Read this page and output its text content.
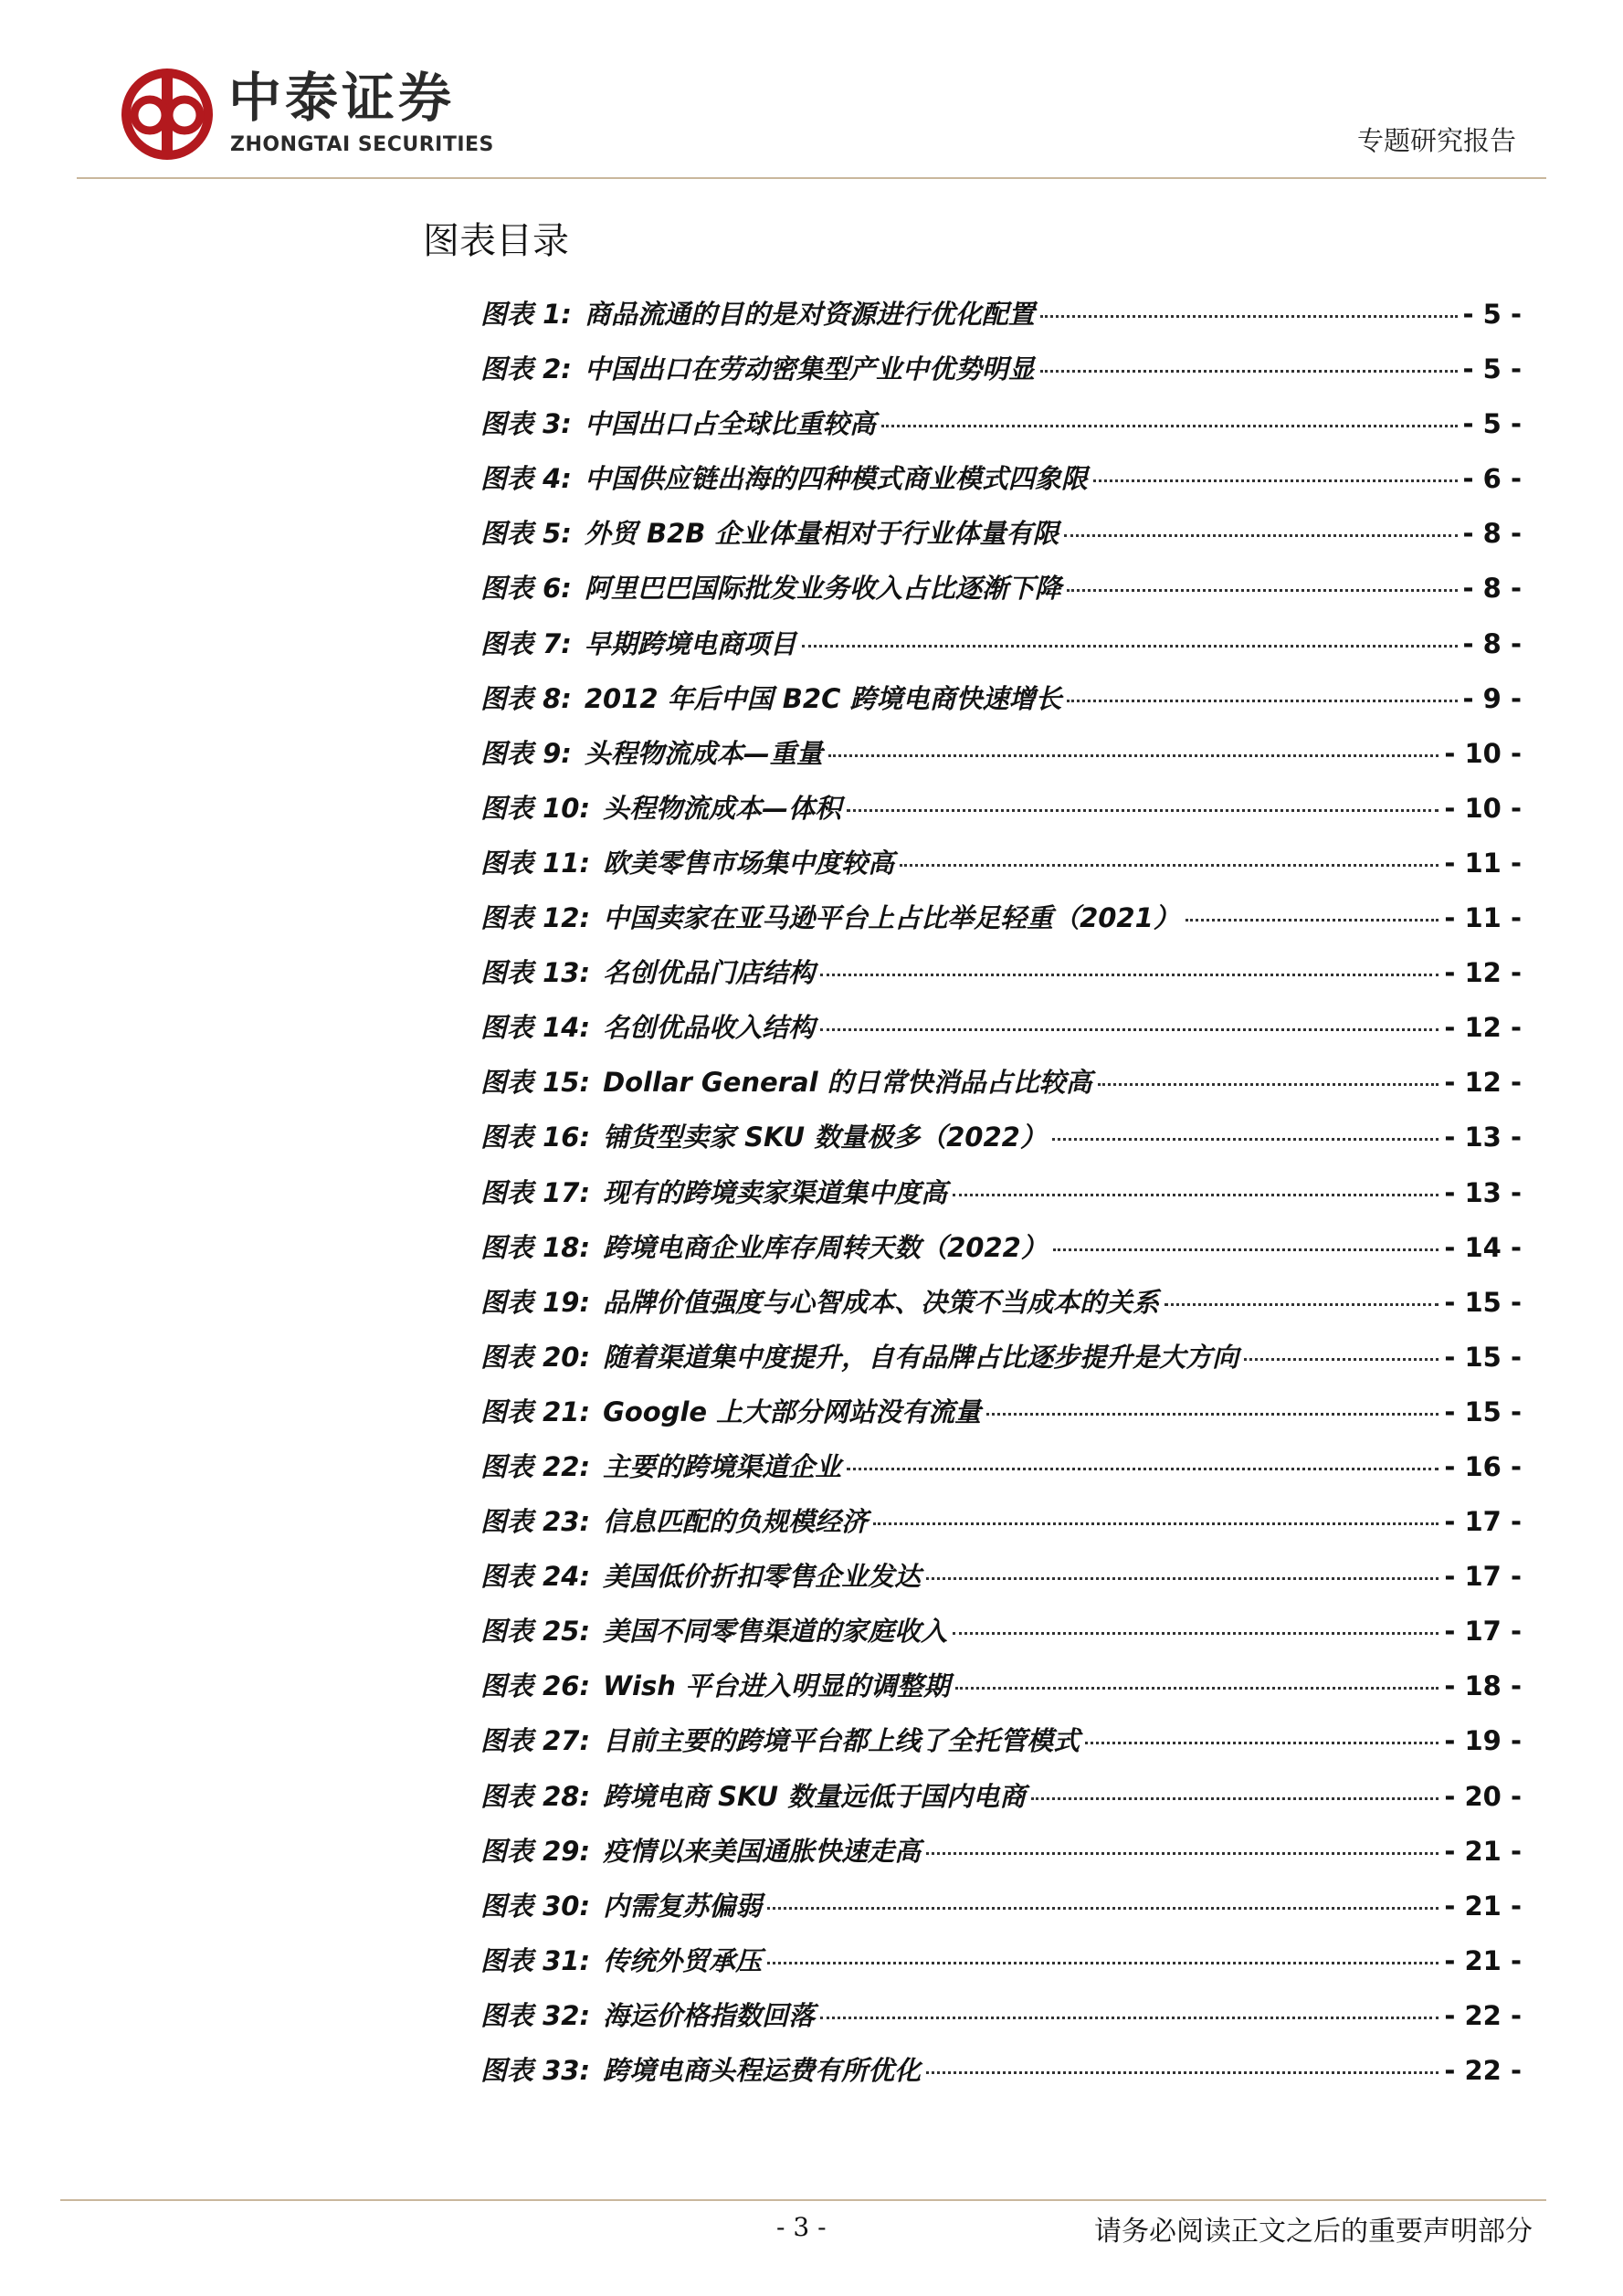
中泰证券
ZHONGTAI SECURITIES	专题研究报告
图表目录
图表 1: 商品流通的目的是对资源进行优化配置	- 5 -
图表 2: 中国出口在劳动密集型产业中优势明显	- 5 -
图表 3: 中国出口占全球比重较高	- 5 -
图表 4: 中国供应链出海的四种模式商业模式四象限	- 6 -
图表 5: 外贸 B2B 企业体量相对于行业体量有限	- 8 -
图表 6: 阿里巴巴国际批发业务收入占比逐渐下降	- 8 -
图表 7: 早期跨境电商项目	- 8 -
图表 8: 2012 年后中国 B2C 跨境电商快速增长	- 9 -
图表 9: 头程物流成本—重量	- 10 -
图表 10: 头程物流成本—体积	- 10 -
图表 11: 欧美零售市场集中度较高	- 11 -
图表 12: 中国卖家在亚马逊平台上占比举足轻重（2021）	- 11 -
图表 13: 名创优品门店结构	- 12 -
图表 14: 名创优品收入结构	- 12 -
图表 15: Dollar General 的日常快消品占比较高	- 12 -
图表 16: 铺货型卖家 SKU 数量极多（2022）	- 13 -
图表 17: 现有的跨境卖家渠道集中度高	- 13 -
图表 18: 跨境电商企业库存周转天数（2022）	- 14 -
图表 19: 品牌价值强度与心智成本、决策不当成本的关系	- 15 -
图表 20: 随着渠道集中度提升，自有品牌占比逐步提升是大方向	- 15 -
图表 21: Google 上大部分网站没有流量	- 15 -
图表 22: 主要的跨境渠道企业	- 16 -
图表 23: 信息匹配的负规模经济	- 17 -
图表 24: 美国低价折扣零售企业发达	- 17 -
图表 25: 美国不同零售渠道的家庭收入	- 17 -
图表 26: Wish 平台进入明显的调整期	- 18 -
图表 27: 目前主要的跨境平台都上线了全托管模式	- 19 -
图表 28: 跨境电商 SKU 数量远低于国内电商	- 20 -
图表 29: 疫情以来美国通胀快速走高	- 21 -
图表 30: 内需复苏偏弱	- 21 -
图表 31: 传统外贸承压	- 21 -
图表 32: 海运价格指数回落	- 22 -
图表 33: 跨境电商头程运费有所优化	- 22 -
- 3 -	请务必阅读正文之后的重要声明部分
